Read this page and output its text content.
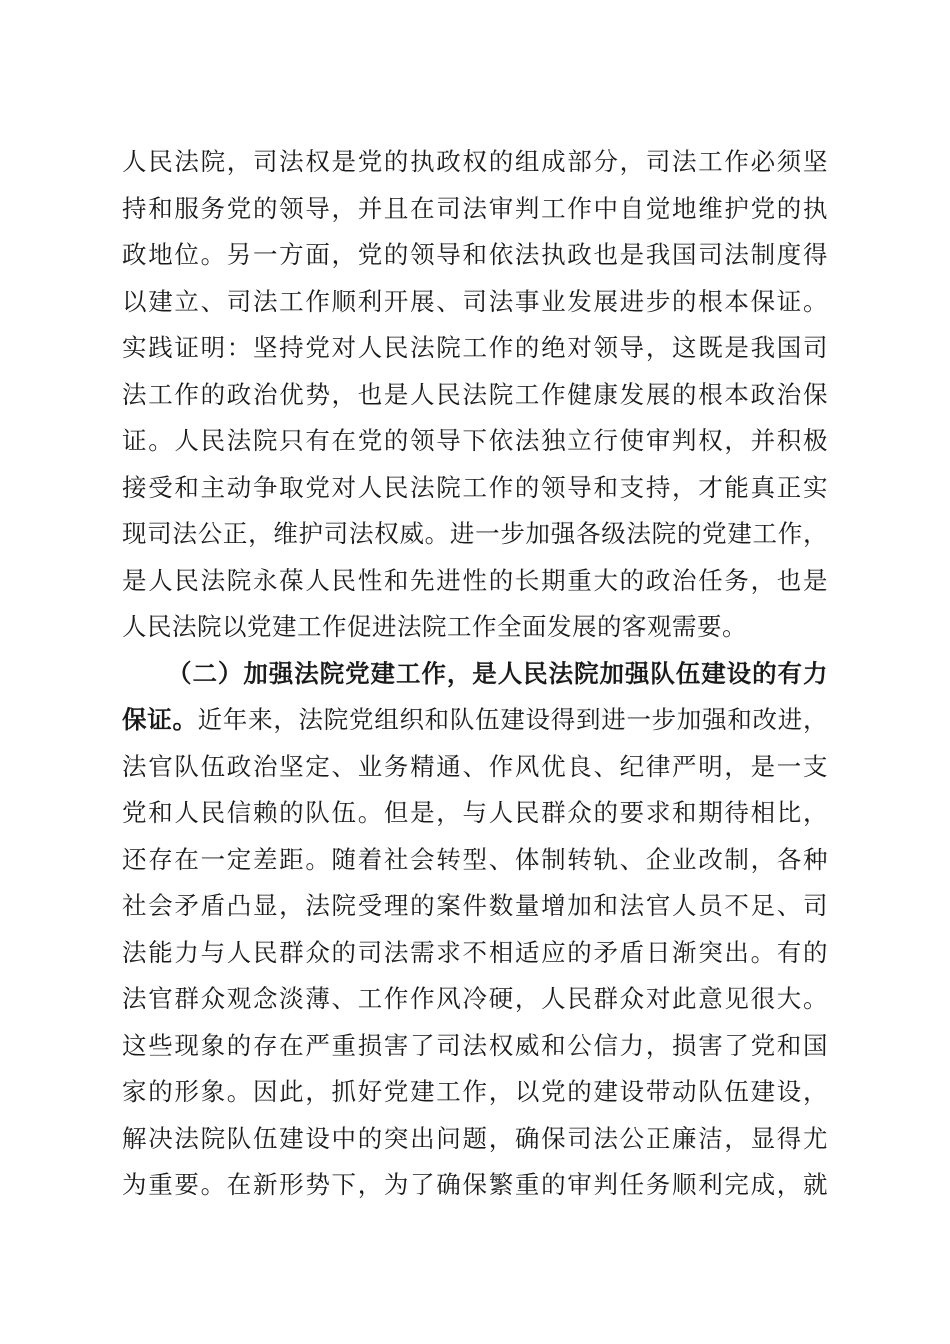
人民法院，司法权是党的执政权的组成部分，司法工作必须坚
持和服务党的领导，并且在司法审判工作中自觉地维护党的执
政地位。另一方面，党的领导和依法执政也是我国司法制度得
以建立、司法工作顺利开展、司法事业发展进步的根本保证。
实践证明：坚持党对人民法院工作的绝对领导，这既是我国司
法工作的政治优势，也是人民法院工作健康发展的根本政治保
证。人民法院只有在党的领导下依法独立行使审判权，并积极
接受和主动争取党对人民法院工作的领导和支持，才能真正实
现司法公正，维护司法权威。进一步加强各级法院的党建工作，
是人民法院永葆人民性和先进性的长期重大的政治任务，也是
人民法院以党建工作促进法院工作全面发展的客观需要。
（二）加强法院党建工作，是人民法院加强队伍建设的有力
保证。近年来，法院党组织和队伍建设得到进一步加强和改进，
法官队伍政治坚定、业务精通、作风优良、纪律严明，是一支
党和人民信赖的队伍。但是，与人民群众的要求和期待相比，
还存在一定差距。随着社会转型、体制转轨、企业改制，各种
社会矛盾凸显，法院受理的案件数量增加和法官人员不足、司
法能力与人民群众的司法需求不相适应的矛盾日渐突出。有的
法官群众观念淡薄、工作作风冷硬，人民群众对此意见很大。
这些现象的存在严重损害了司法权威和公信力，损害了党和国
家的形象。因此，抓好党建工作，以党的建设带动队伍建设，
解决法院队伍建设中的突出问题，确保司法公正廉洁，显得尤
为重要。在新形势下，为了确保繁重的审判任务顺利完成，就
